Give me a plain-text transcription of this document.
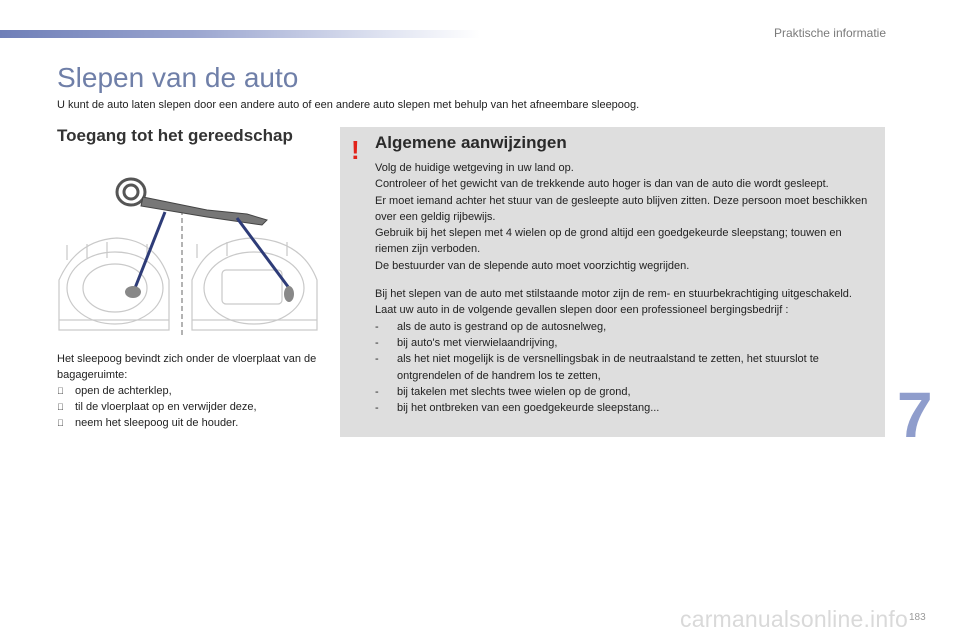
Praktische informatie
Slepen van de auto
U kunt de auto laten slepen door een andere auto of een andere auto slepen met behulp van het afneembare sleepoog.
Toegang tot het gereedschap
Het sleepoog bevindt zich onder de vloerplaat van de bagageruimte:
open de achterklep,
til de vloerplaat op en verwijder deze,
neem het sleepoog uit de houder.
! Algemene aanwijzingen

Volg de huidige wetgeving in uw land op.

Controleer of het gewicht van de trekkende auto hoger is dan van de auto die wordt gesleept.

Er moet iemand achter het stuur van de gesleepte auto blijven zitten. Deze persoon moet beschikken over een geldig rijbewijs.

Gebruik bij het slepen met 4 wielen op de grond altijd een goedgekeurde sleepstang; touwen en riemen zijn verboden.

De bestuurder van de slepende auto moet voorzichtig wegrijden.

Bij het slepen van de auto met stilstaande motor zijn de rem- en stuurbekrachtiging uitgeschakeld.

Laat uw auto in de volgende gevallen slepen door een professioneel bergingsbedrijf :

-	als de auto is gestrand op de autosnelweg,
-	bij auto's met vierwielaandrijving,
-	als het niet mogelijk is de versnellingsbak in de neutraalstand te zetten, het stuurslot te ontgrendelen of de handrem los te zetten,
-	bij takelen met slechts twee wielen op de grond,
-	bij het ontbreken van een goedgekeurde sleepstang...	7
carmanualsonline.info 183
